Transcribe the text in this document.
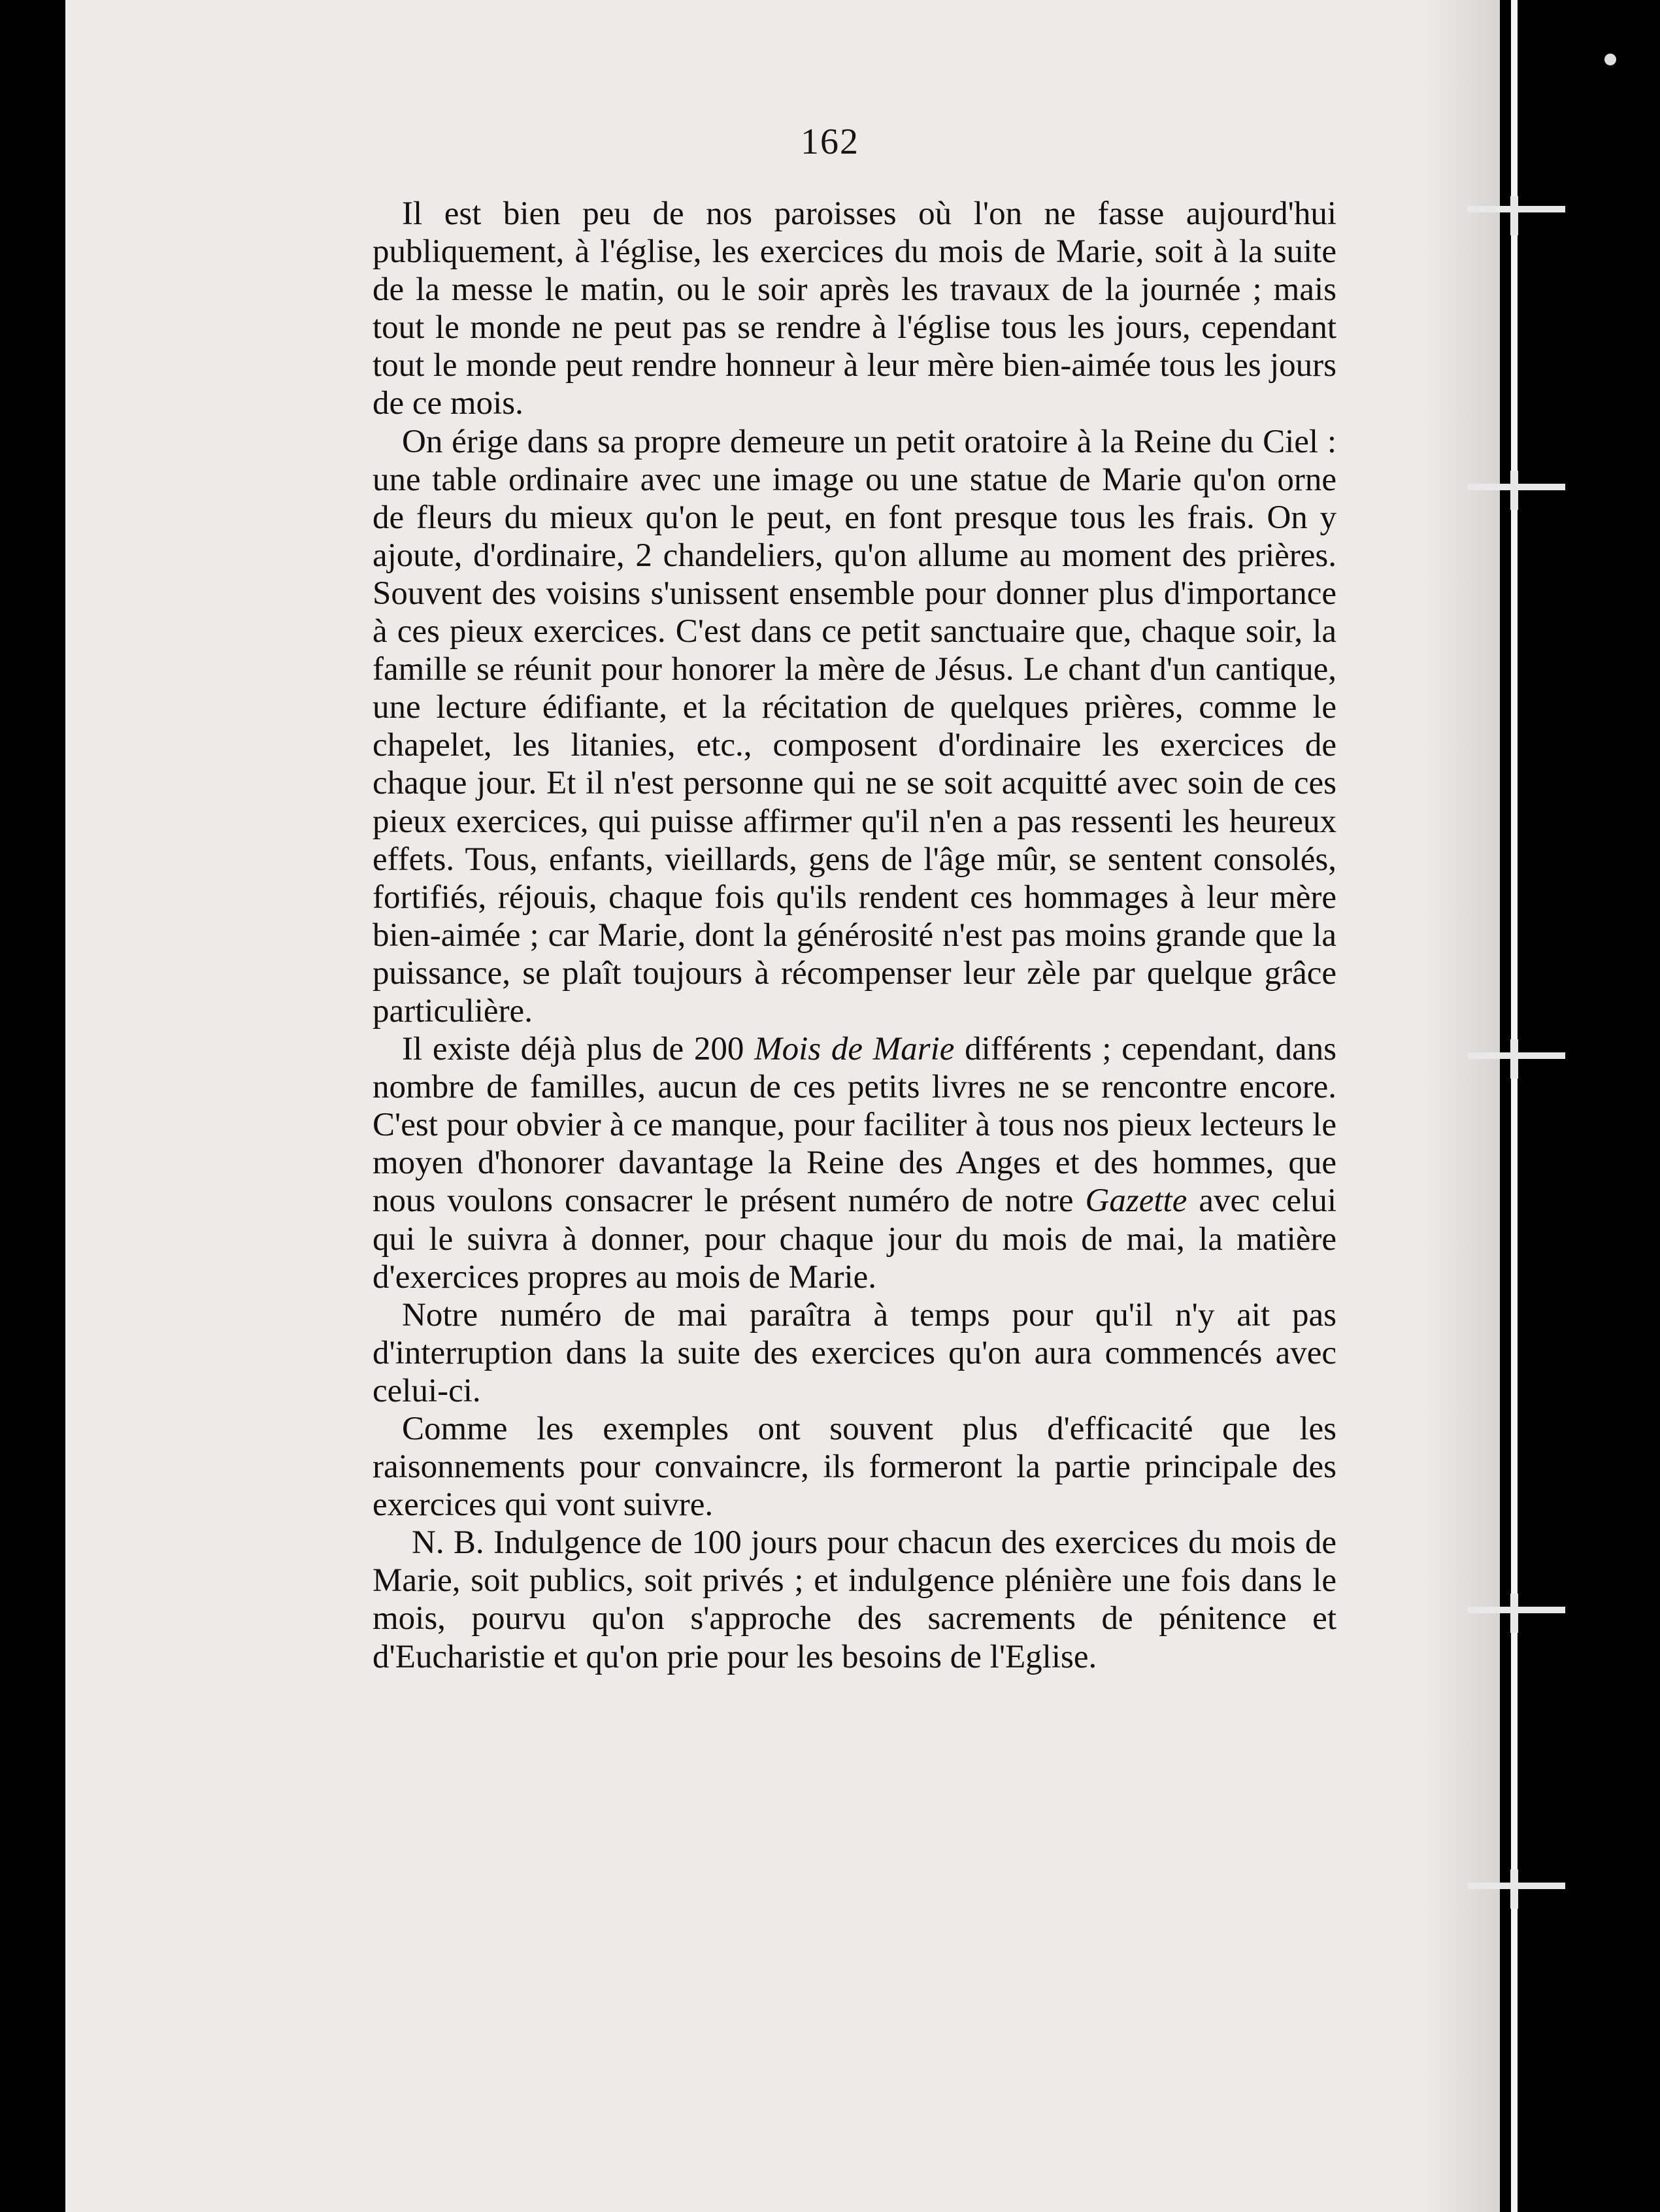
162

Il est bien peu de nos paroisses où l'on ne fasse aujourd'hui publiquement, à l'église, les exercices du mois de Marie, soit à la suite de la messe le matin, ou le soir après les travaux de la journée ; mais tout le monde ne peut pas se rendre à l'église tous les jours, cependant tout le monde peut rendre honneur à leur mère bien-aimée tous les jours de ce mois.

On érige dans sa propre demeure un petit oratoire à la Reine du Ciel : une table ordinaire avec une image ou une statue de Marie qu'on orne de fleurs du mieux qu'on le peut, en font presque tous les frais. On y ajoute, d'ordinaire, 2 chandeliers, qu'on allume au moment des prières. Souvent des voisins s'unissent ensemble pour donner plus d'importance à ces pieux exercices. C'est dans ce petit sanctuaire que, chaque soir, la famille se réunit pour honorer la mère de Jésus. Le chant d'un cantique, une lecture édifiante, et la récitation de quelques prières, comme le chapelet, les litanies, etc., composent d'ordinaire les exercices de chaque jour. Et il n'est personne qui ne se soit acquitté avec soin de ces pieux exercices, qui puisse affirmer qu'il n'en a pas ressenti les heureux effets. Tous, enfants, vieillards, gens de l'âge mûr, se sentent consolés, fortifiés, réjouis, chaque fois qu'ils rendent ces hommages à leur mère bien-aimée ; car Marie, dont la générosité n'est pas moins grande que la puissance, se plaît toujours à récompenser leur zèle par quelque grâce particulière.

Il existe déjà plus de 200 Mois de Marie différents ; cependant, dans nombre de familles, aucun de ces petits livres ne se rencontre encore. C'est pour obvier à ce manque, pour faciliter à tous nos pieux lecteurs le moyen d'honorer davantage la Reine des Anges et des hommes, que nous voulons consacrer le présent numéro de notre Gazette avec celui qui le suivra à donner, pour chaque jour du mois de mai, la matière d'exercices propres au mois de Marie.

Notre numéro de mai paraîtra à temps pour qu'il n'y ait pas d'interruption dans la suite des exercices qu'on aura commencés avec celui-ci.

Comme les exemples ont souvent plus d'efficacité que les raisonnements pour convaincre, ils formeront la partie principale des exercices qui vont suivre.

N. B. Indulgence de 100 jours pour chacun des exercices du mois de Marie, soit publics, soit privés ; et indulgence plénière une fois dans le mois, pourvu qu'on s'approche des sacrements de pénitence et d'Eucharistie et qu'on prie pour les besoins de l'Eglise.
